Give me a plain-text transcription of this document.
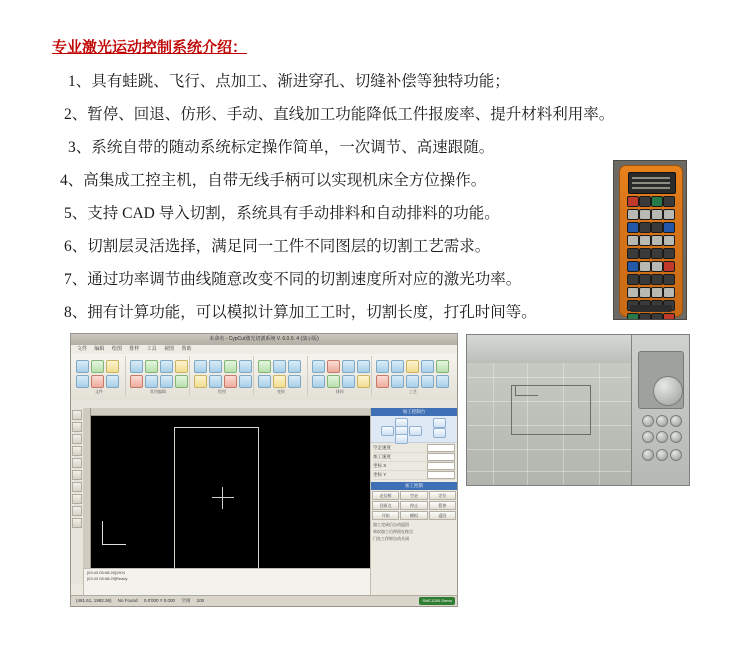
专业激光运动控制系统介绍：
1、具有蛙跳、飞行、点加工、渐进穿孔、切缝补偿等独特功能；
2、暂停、回退、仿形、手动、直线加工功能降低工件报废率、提升材料利用率。
3、系统自带的随动系统标定操作简单，一次调节、高速跟随。
4、高集成工控主机，自带无线手柄可以实现机床全方位操作。
5、支持 CAD 导入切割，系统具有手动排料和自动排料的功能。
6、切割层灵活选择，满足同一工件不同图层的切割工艺需求。
7、通过功率调节曲线随意改变不同的切割速度所对应的激光功率。
8、拥有计算功能，可以模拟计算加工工时，切割长度，打孔时间等。
未命名 - CypCut激光切割系统 V. 6.0.0. 4 (演示版)
文件 编辑 绘图 排样 工具 视图 帮助
文件	常用编辑	绘图	变换	排样	工艺
加工控制台
空走速度
加工速度
坐标 X
坐标 Y
加工控制
走边框	空走	定位
回原点	停止	暂停
开始	模拟	返回
加工完成后自动返回
单次加工后停留在终点
门在工作时自动关闭
[03:43 05:08:26]1004
[03:43 05:08:29]Ready
(481.61, 1982.36) No Found 0.0'000 Y 0.000 空闲 100	SMC1200 Demo
